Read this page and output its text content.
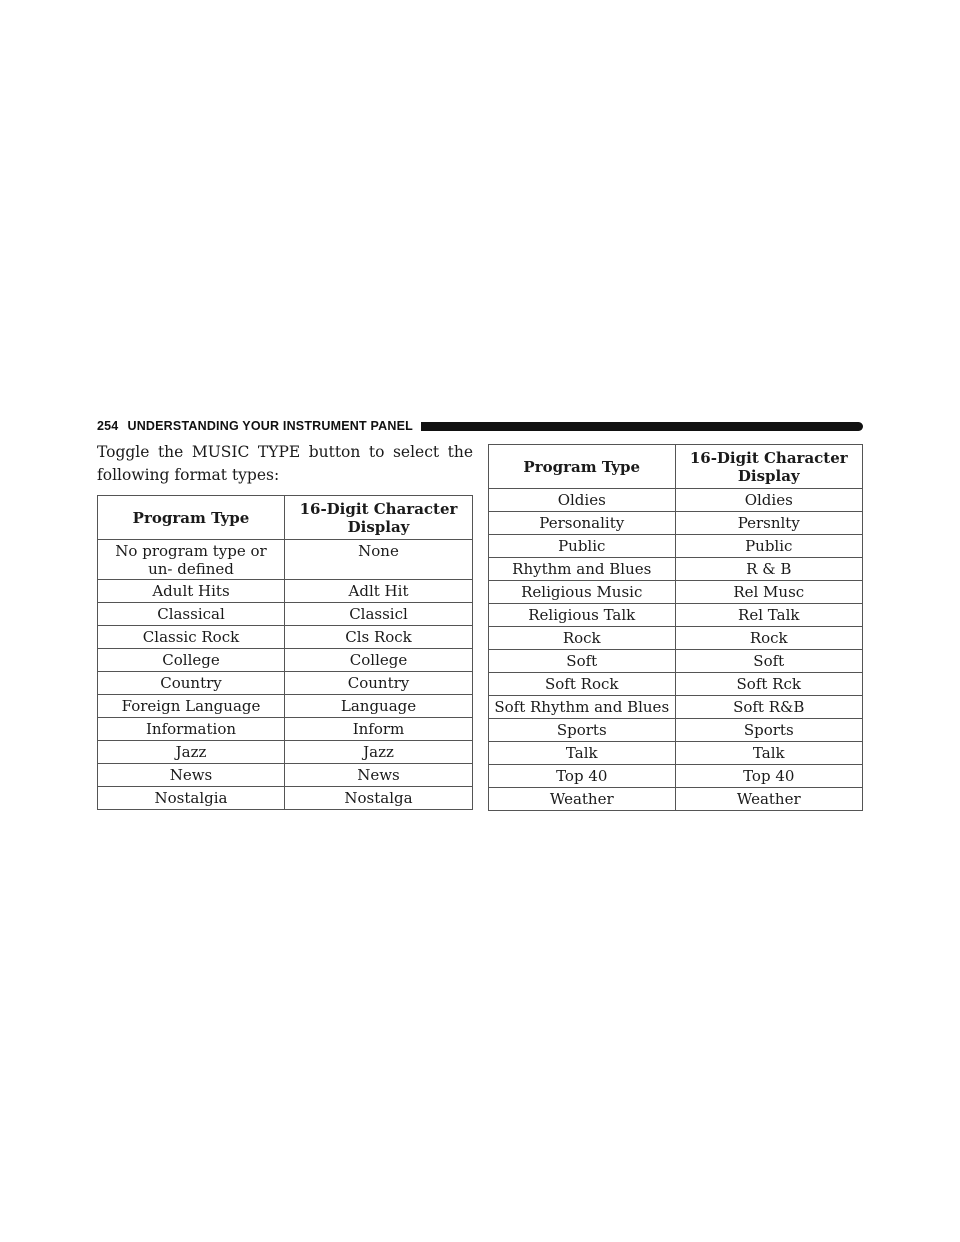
254 UNDERSTANDING YOUR INSTRUMENT PANEL

Toggle the MUSIC TYPE button to select the following format types:

Program Type	16-Digit Character Display
No program type or un- defined	None
Adult Hits	Adlt Hit
Classical	Classicl
Classic Rock	Cls Rock
College	College
Country	Country
Foreign Language	Language
Information	Inform
Jazz	Jazz
News	News
Nostalgia	Nostalga
Program Type	16-Digit Character Display
Oldies	Oldies
Personality	Persnlty
Public	Public
Rhythm and Blues	R & B
Religious Music	Rel Musc
Religious Talk	Rel Talk
Rock	Rock
Soft	Soft
Soft Rock	Soft Rck
Soft Rhythm and Blues	Soft R&B
Sports	Sports
Talk	Talk
Top 40	Top 40
Weather	Weather
